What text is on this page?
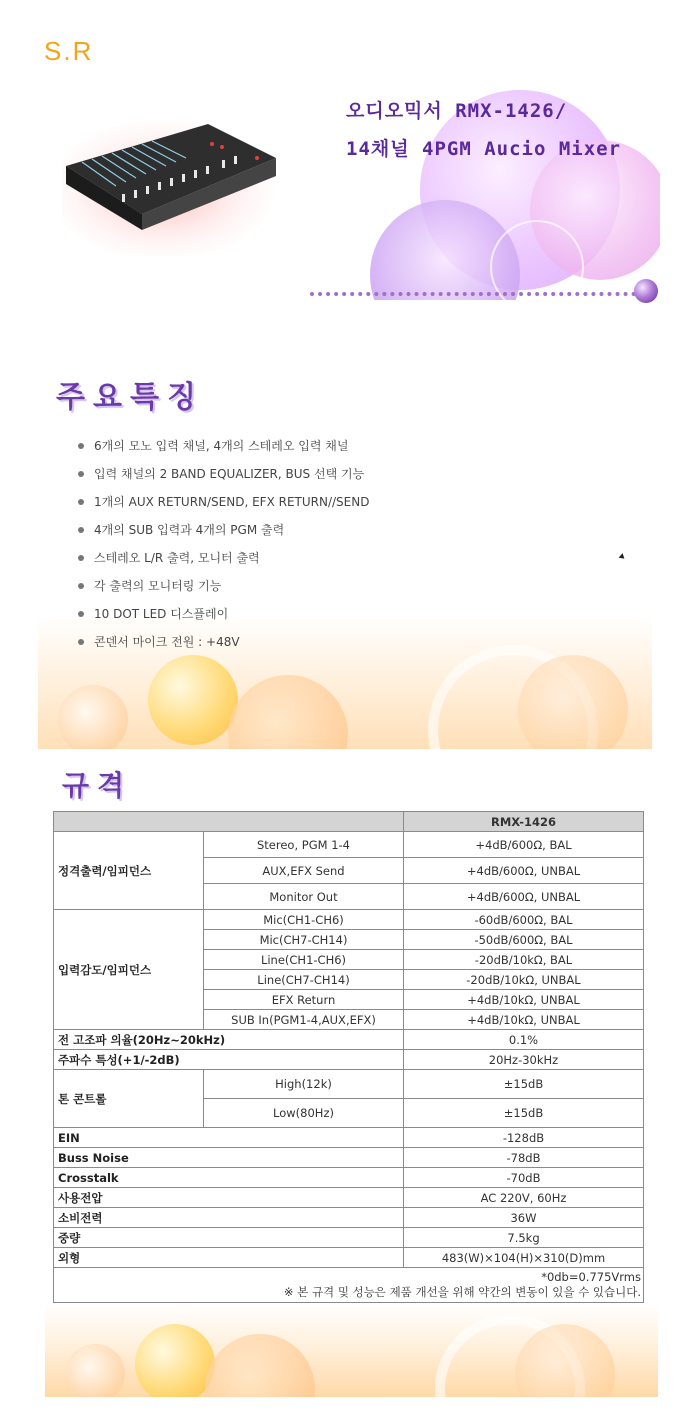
S.R
오디오믹서 RMX-1426/
14채널 4PGM Aucio Mixer
주요특징
6개의 모노 입력 채널, 4개의 스테레오 입력 채널
입력 채널의 2 BAND EQUALIZER, BUS 선택 기능
1개의 AUX RETURN/SEND, EFX RETURN//SEND
4개의 SUB 입력과 4개의 PGM 출력
스테레오 L/R 출력, 모니터 출력
각 출력의 모니터링 기능
10 DOT LED 디스플레이
콘덴서 마이크 전원 : +48V
규격
		RMX-1426
정격출력/임피던스	Stereo, PGM 1-4	+4dB/600Ω, BAL
	AUX,EFX Send	+4dB/600Ω, UNBAL
	Monitor Out	+4dB/600Ω, UNBAL
입력감도/임피던스	Mic(CH1-CH6)	-60dB/600Ω, BAL
	Mic(CH7-CH14)	-50dB/600Ω, BAL
	Line(CH1-CH6)	-20dB/10kΩ, BAL
	Line(CH7-CH14)	-20dB/10kΩ, UNBAL
	EFX Return	+4dB/10kΩ, UNBAL
	SUB In(PGM1-4,AUX,EFX)	+4dB/10kΩ, UNBAL
전 고조파 의율(20Hz~20kHz)		0.1%
주파수 특성(+1/-2dB)		20Hz-30kHz
톤 콘트롤	High(12k)	±15dB
	Low(80Hz)	±15dB
EIN		-128dB
Buss Noise		-78dB
Crosstalk		-70dB
사용전압		AC 220V, 60Hz
소비전력		36W
중량		7.5kg
외형		483(W)×104(H)×310(D)mm

*0db=0.775Vrms
※ 본 규격 및 성능은 제품 개선을 위해 약간의 변동이 있을 수 있습니다.		
